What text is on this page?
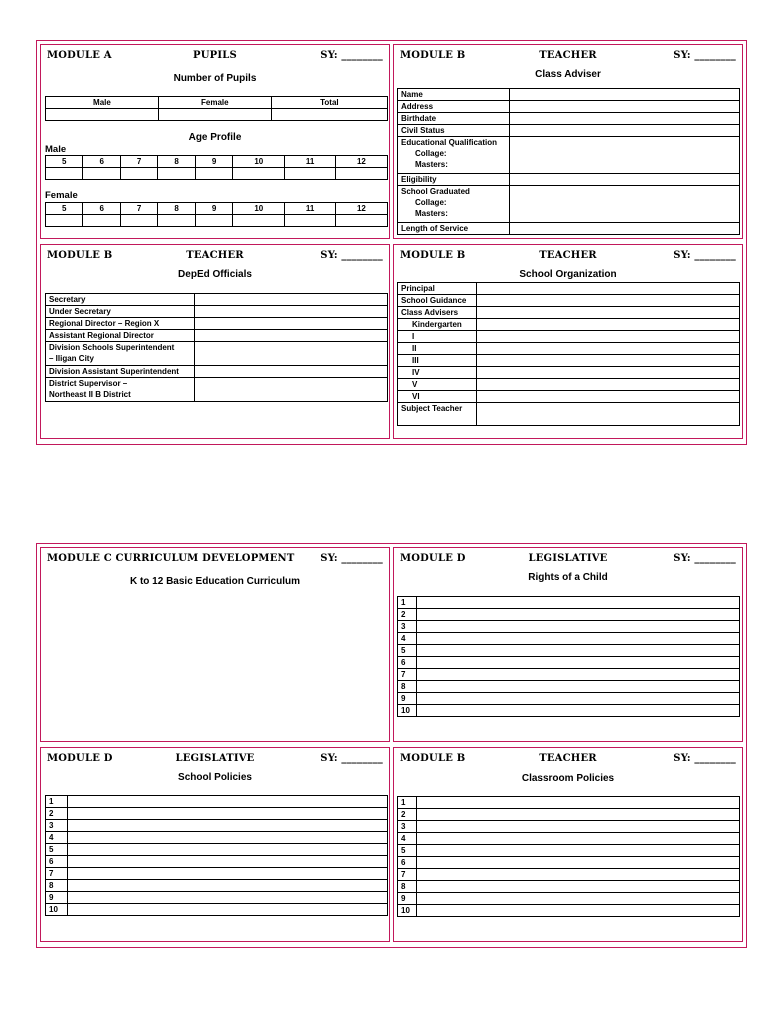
MODULE A	PUPILS	SY: ________
Number of Pupils
Male	Female	Total

Age Profile
Male
5	6	7	8	9	10	11	12

Female
5	6	7	8	9	10	11	12

MODULE B	TEACHER	SY: ________
Class Adviser
Name	
Address	
Birthdate	
Civil Status	

Educational Qualification
Collage:
Masters:	

Eligibility	

School Graduated
Collage:
Masters:	

Length of Service	
MODULE B	TEACHER	SY: ________
DepEd Officials
Secretary	
Under Secretary	
Regional Director – Region X	
Assistant Regional Director	

Division Schools Superintendent
– Iligan City	

Division Assistant Superintendent	

District Supervisor –
Northeast II B District	

MODULE B	TEACHER	SY: ________
School Organization
Principal	
School Guidance	
Class Advisers	
Kindergarten	
I	
II	
III	
IV	
V	
VI	
Subject Teacher	
MODULE C CURRICULUM DEVELOPMENT	SY: ________
K to 12 Basic Education Curriculum
MODULE D	LEGISLATIVE	SY: ________
Rights of a Child
1	
2	
3	
4	
5	
6	
7	
8	
9	
10	
MODULE D	LEGISLATIVE	SY: ________
School Policies
1	
2	
3	
4	
5	
6	
7	
8	
9	
10	
MODULE B	TEACHER	SY: ________
Classroom Policies
1	
2	
3	
4	
5	
6	
7	
8	
9	
10	
